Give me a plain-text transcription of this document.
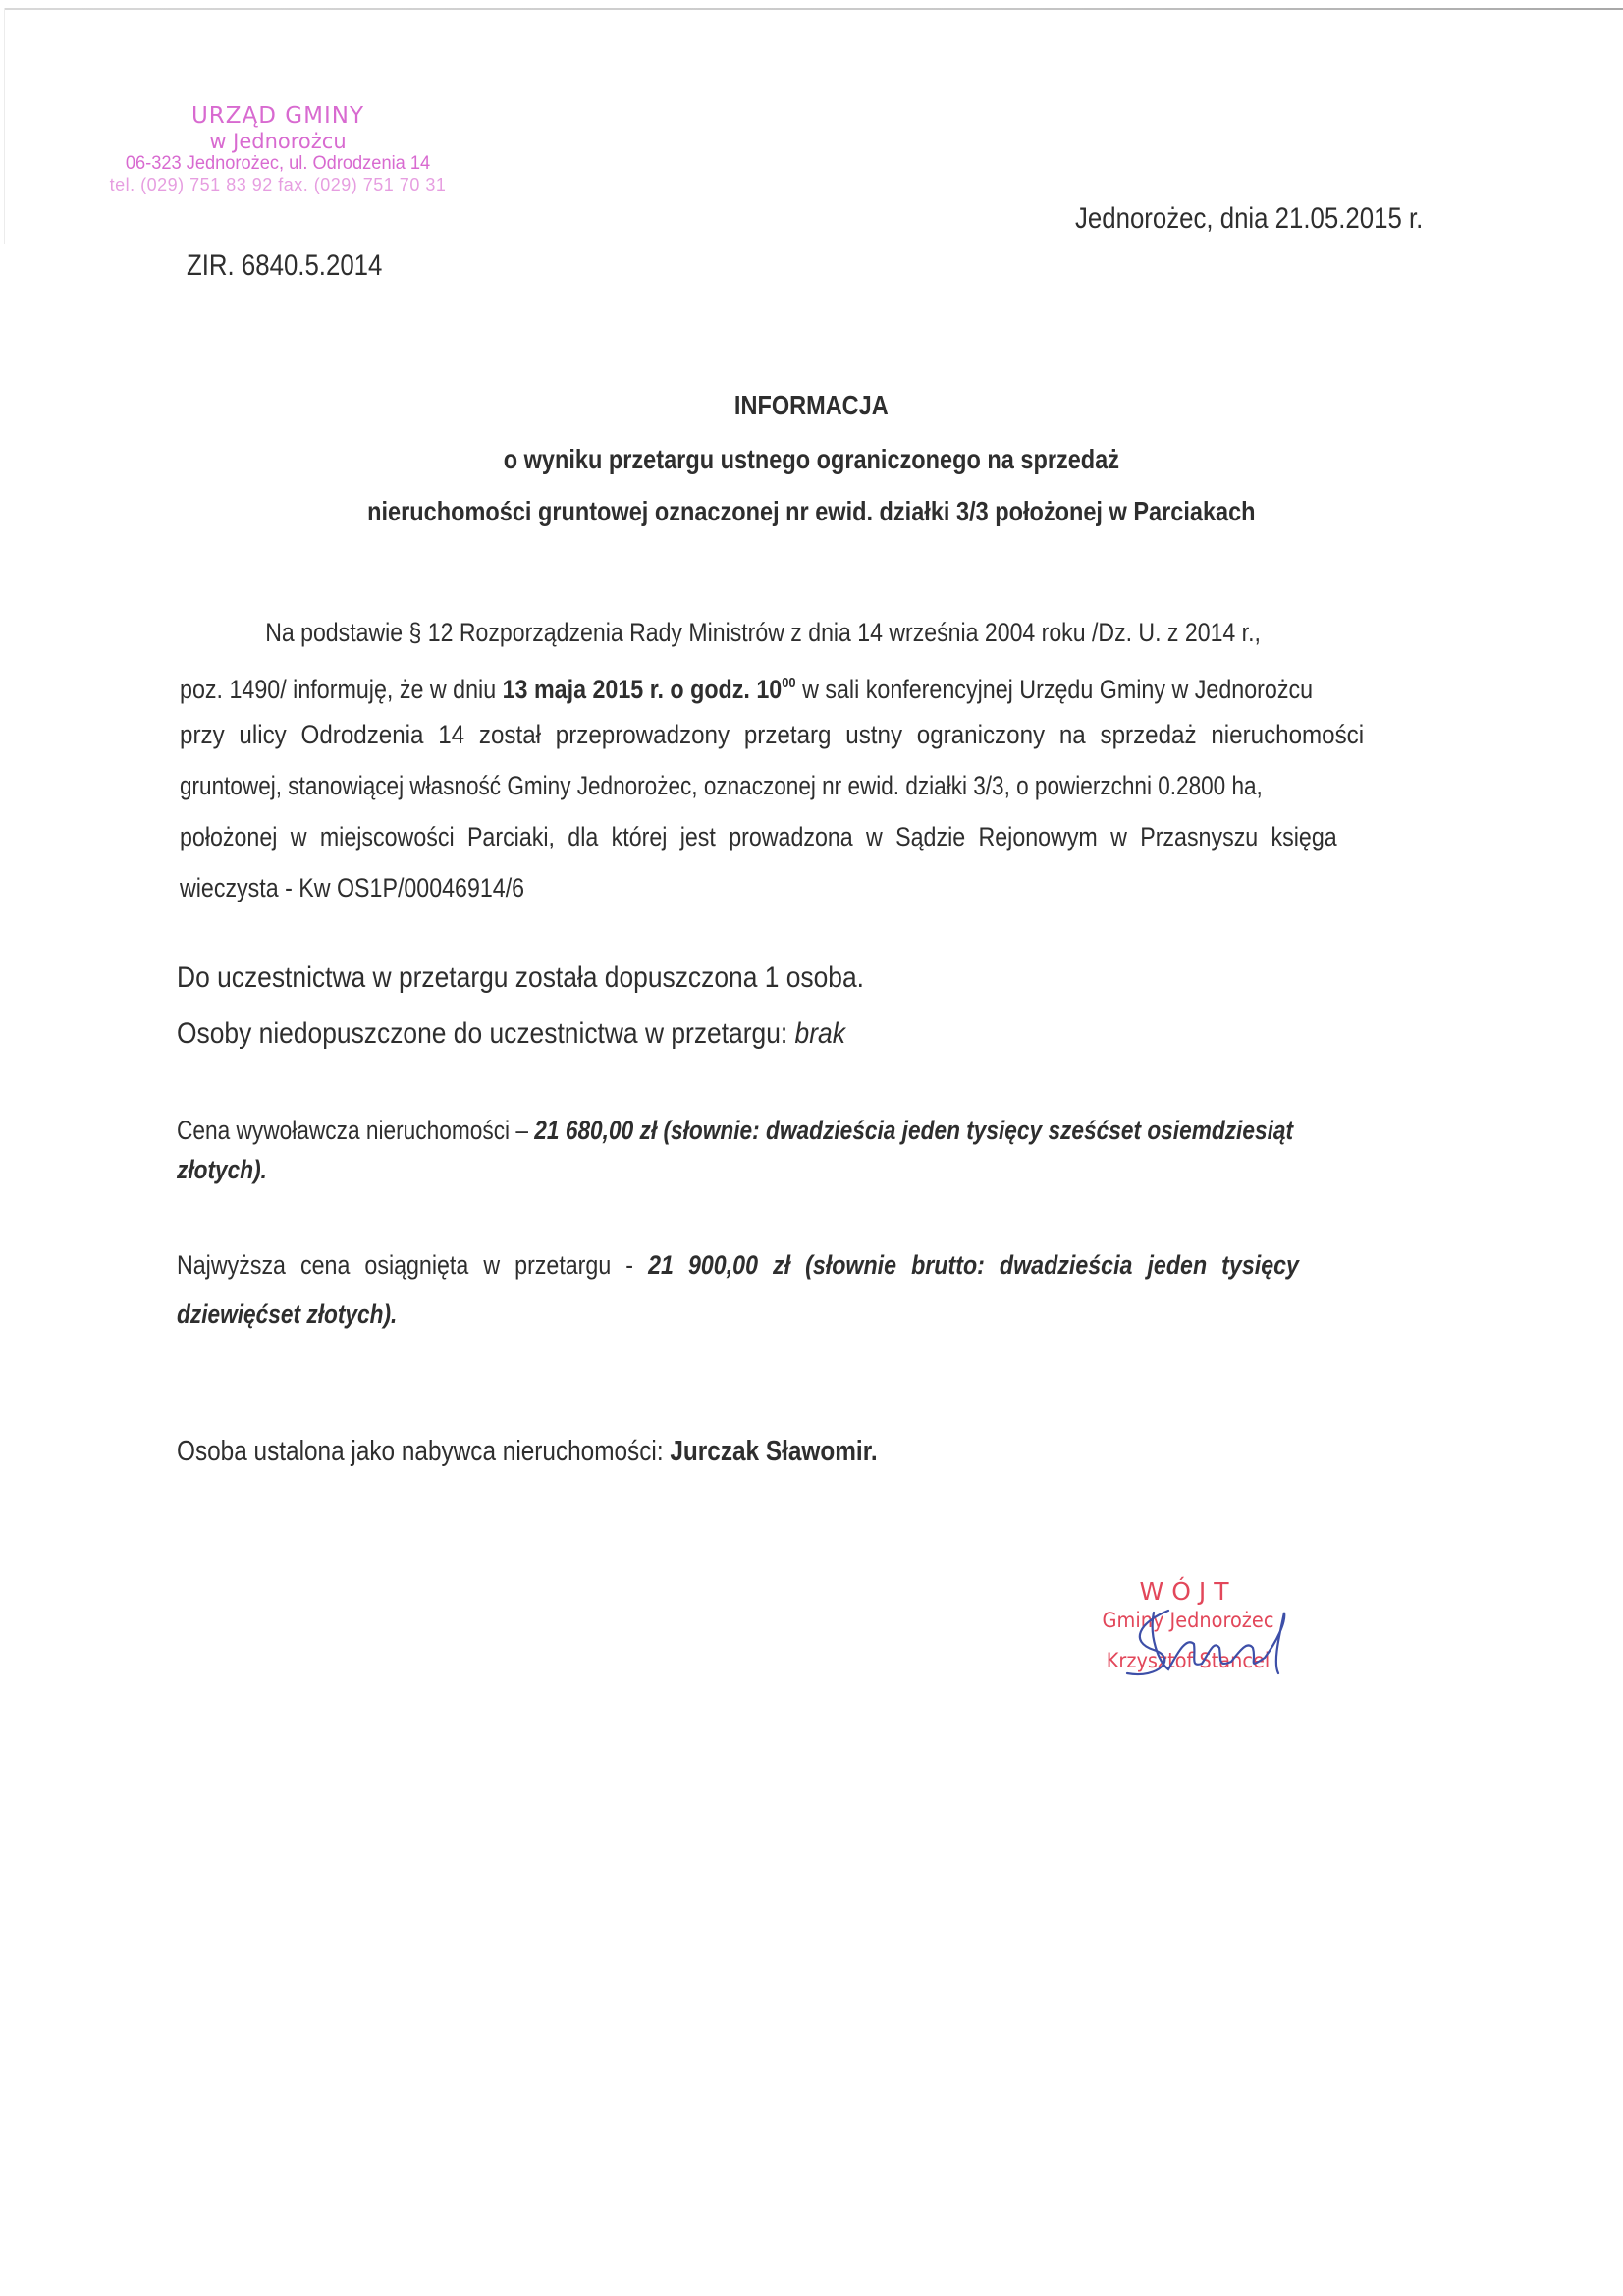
URZĄD GMINY
w Jednorożcu
06-323 Jednorożec, ul. Odrodzenia 14
tel. (029) 751 83 92 fax. (029) 751 70 31
Jednorożec, dnia 21.05.2015 r.
ZIR. 6840.5.2014
INFORMACJA
o wyniku przetargu ustnego ograniczonego na sprzedaż
nieruchomości gruntowej oznaczonej nr ewid. działki 3/3 położonej w Parciakach
Na podstawie § 12 Rozporządzenia Rady Ministrów z dnia 14 września 2004 roku /Dz. U. z 2014 r.,
poz. 1490/ informuję, że w dniu 13 maja 2015 r. o godz. $10^{00}$ w sali konferencyjnej Urzędu Gminy w Jednorożcu
przy ulicy Odrodzenia 14 został przeprowadzony przetarg ustny ograniczony na sprzedaż nieruchomości
gruntowej, stanowiącej własność Gminy Jednorożec, oznaczonej nr ewid. działki 3/3, o powierzchni 0.2800 ha,
położonej w miejscowości Parciaki, dla której jest prowadzona w Sądzie Rejonowym w Przasnyszu księga
wieczysta - Kw OS1P/00046914/6
Do uczestnictwa w przetargu została dopuszczona 1 osoba.
Osoby niedopuszczone do uczestnictwa w przetargu: brak
Cena wywoławcza nieruchomości – 21 680,00 zł (słownie: dwadzieścia jeden tysięcy sześćset osiemdziesiąt
złotych).
Najwyższa cena osiągnięta w przetargu - 21 900,00 zł (słownie brutto: dwadzieścia jeden tysięcy
dziewięćset złotych).
Osoba ustalona jako nabywca nieruchomości: Jurczak Sławomir.
WÓJT
Gminy Jednorożec
Krzysztof Stancel
